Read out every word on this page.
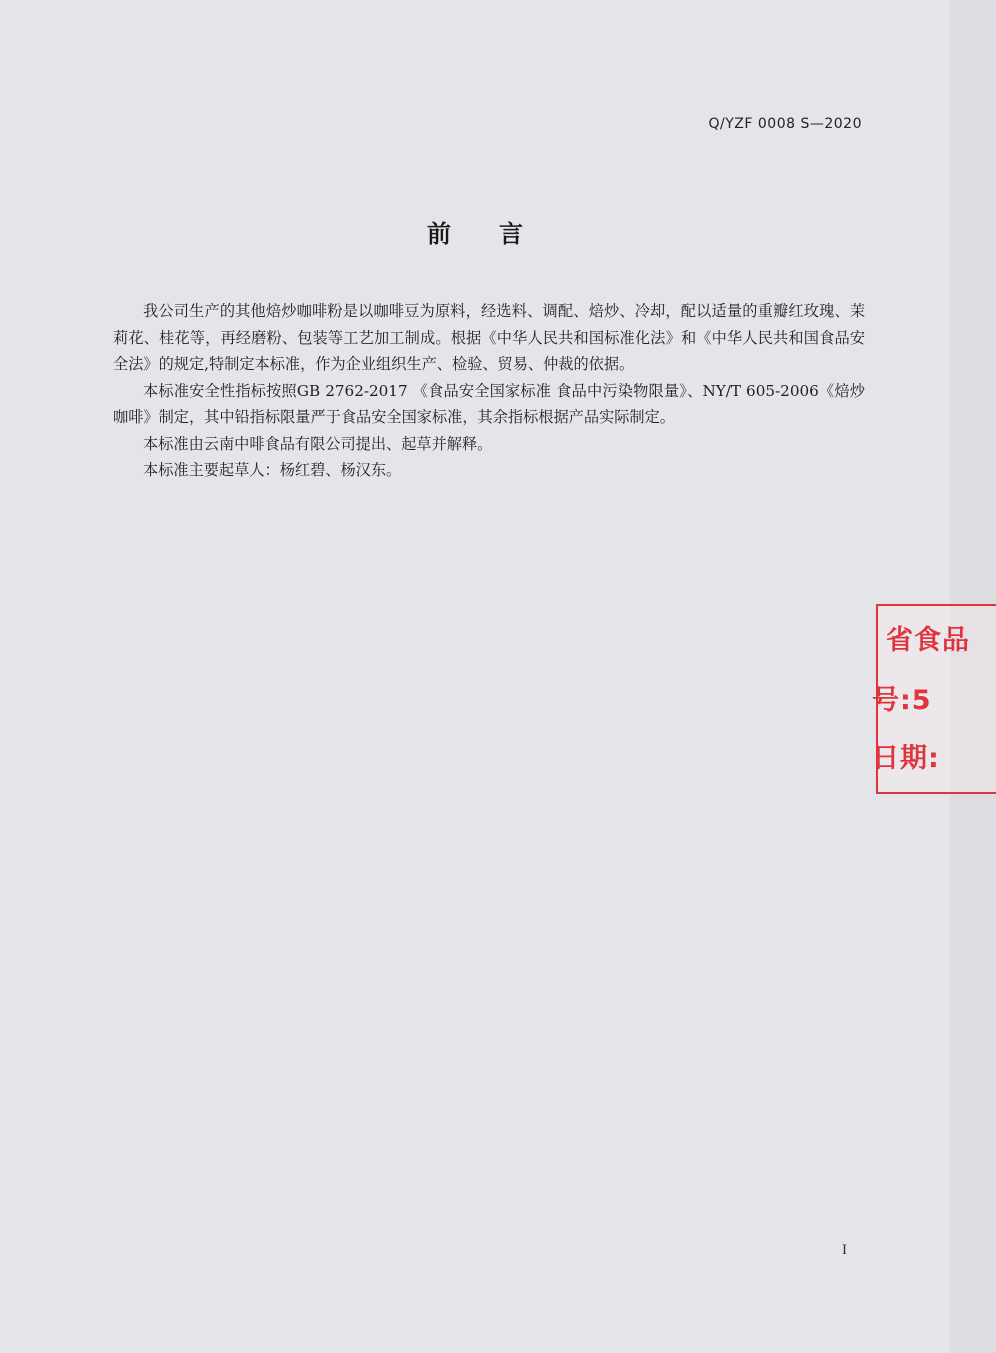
Q/YZF 0008 S—2020
前 言

我公司生产的其他焙炒咖啡粉是以咖啡豆为原料，经选料、调配、焙炒、冷却，配以适量的重瓣红玫瑰、茉莉花、桂花等，再经磨粉、包装等工艺加工制成。根据《中华人民共和国标准化法》和《中华人民共和国食品安全法》的规定,特制定本标准，作为企业组织生产、检验、贸易、仲裁的依据。

本标准安全性指标按照GB 2762-2017 《食品安全国家标准 食品中污染物限量》、NY/T 605-2006《焙炒咖啡》制定，其中铅指标限量严于食品安全国家标准，其余指标根据产品实际制定。

本标准由云南中啡食品有限公司提出、起草并解释。

本标准主要起草人：杨红碧、杨汉东。

省食品
号:5
日期:
I
